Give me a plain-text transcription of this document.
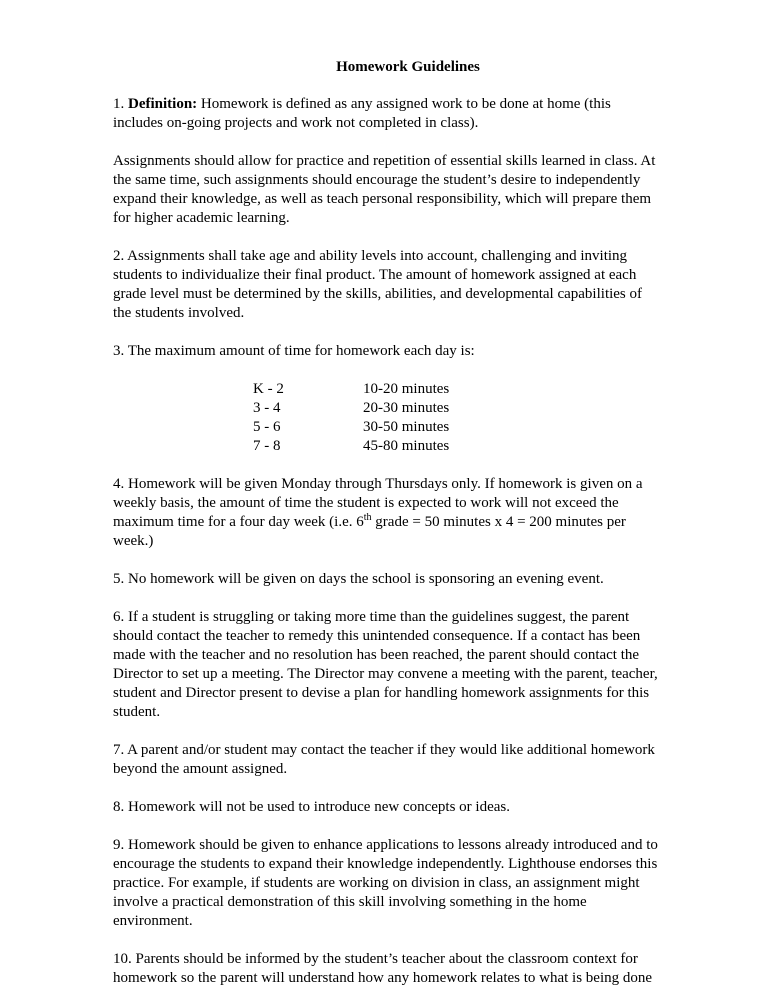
Homework Guidelines

1. Definition: Homework is defined as any assigned work to be done at home (this includes on-going projects and work not completed in class).

Assignments should allow for practice and repetition of essential skills learned in class. At the same time, such assignments should encourage the student’s desire to independently expand their knowledge, as well as teach personal responsibility, which will prepare them for higher academic learning.

2. Assignments shall take age and ability levels into account, challenging and inviting students to individualize their final product. The amount of homework assigned at each grade level must be determined by the skills, abilities, and developmental capabilities of the students involved.

3. The maximum amount of time for homework each day is:

K - 2	10-20 minutes
3 - 4	20-30 minutes
5 - 6	30-50 minutes
7 - 8	45-80 minutes

4. Homework will be given Monday through Thursdays only. If homework is given on a weekly basis, the amount of time the student is expected to work will not exceed the maximum time for a four day week (i.e. 6th grade = 50 minutes x 4 = 200 minutes per week.)

5. No homework will be given on days the school is sponsoring an evening event.

6. If a student is struggling or taking more time than the guidelines suggest, the parent should contact the teacher to remedy this unintended consequence. If a contact has been made with the teacher and no resolution has been reached, the parent should contact the Director to set up a meeting. The Director may convene a meeting with the parent, teacher, student and Director present to devise a plan for handling homework assignments for this student.

7. A parent and/or student may contact the teacher if they would like additional homework beyond the amount assigned.

8. Homework will not be used to introduce new concepts or ideas.

9. Homework should be given to enhance applications to lessons already introduced and to encourage the students to expand their knowledge independently. Lighthouse endorses this practice. For example, if students are working on division in class, an assignment might involve a practical demonstration of this skill involving something in the home environment.

10. Parents should be informed by the student’s teacher about the classroom context for homework so the parent will understand how any homework relates to what is being done
